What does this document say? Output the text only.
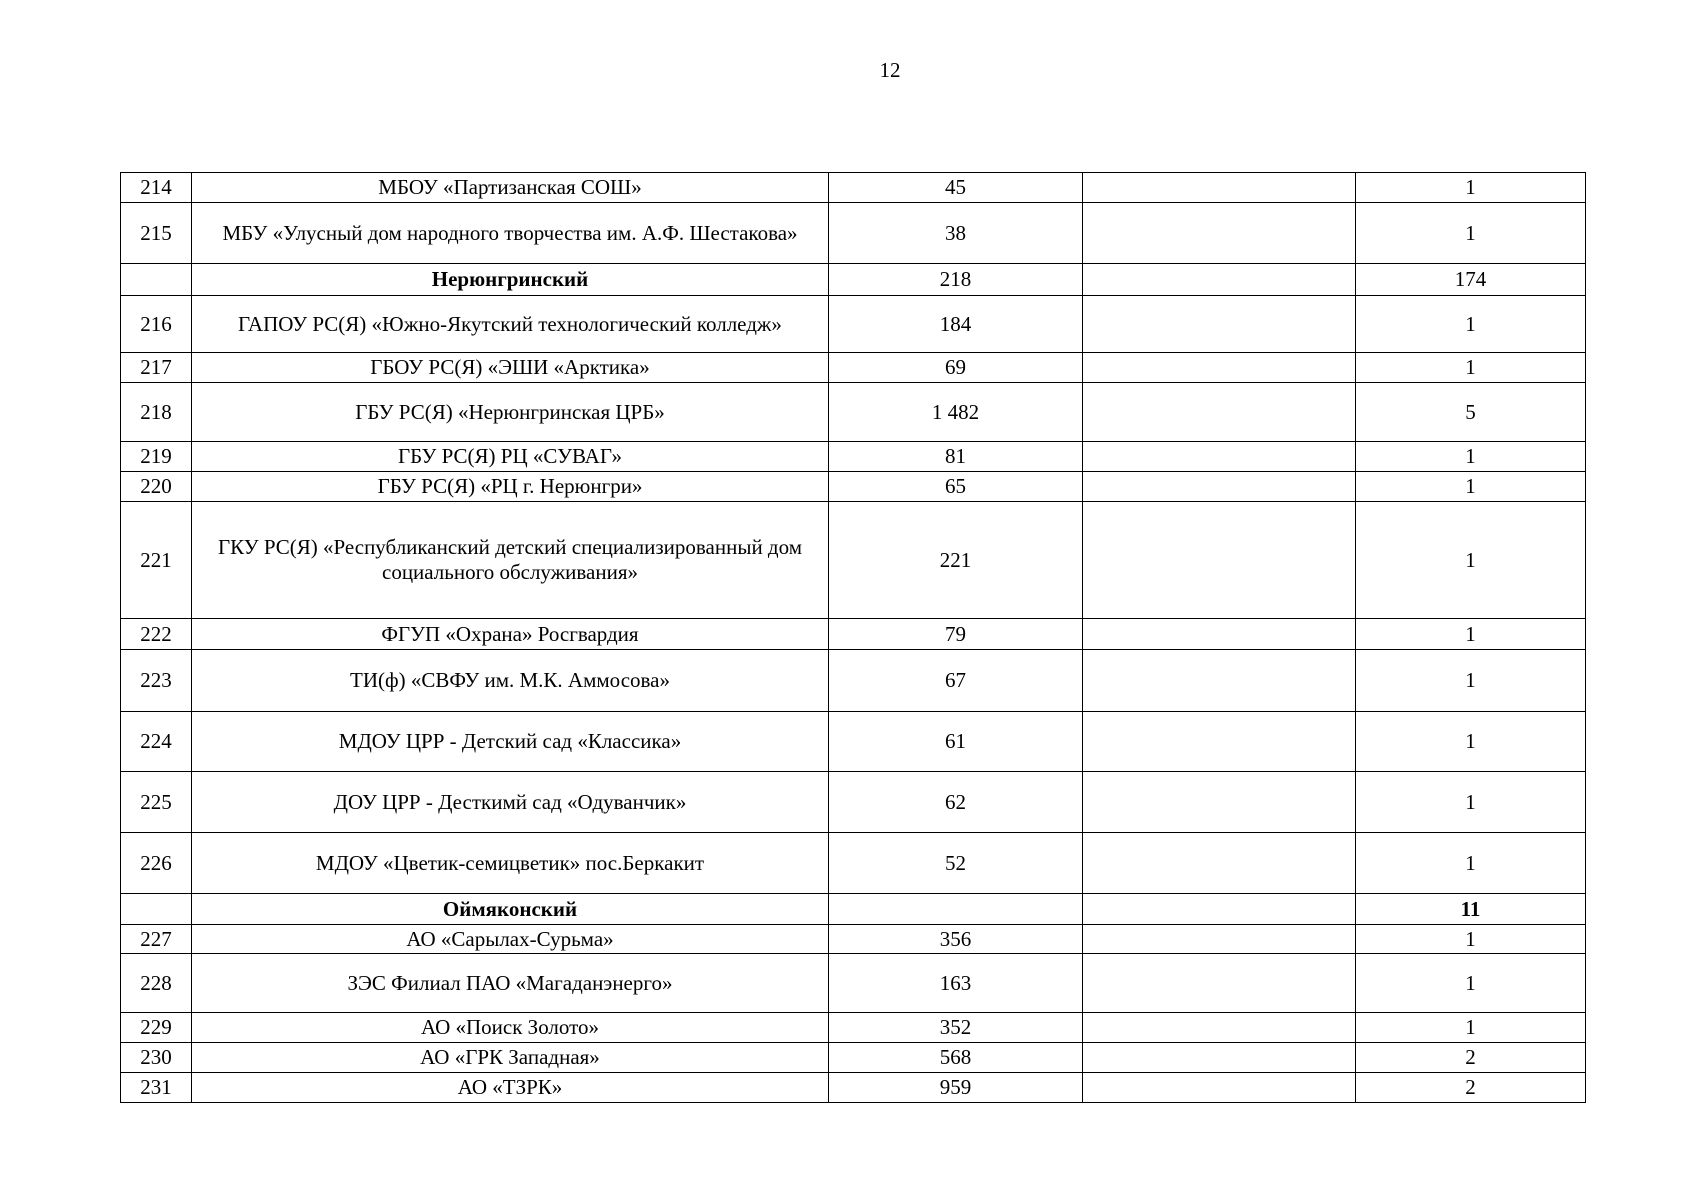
12
214	МБОУ «Партизанская СОШ»	45		1
215	МБУ «Улусный дом народного творчества им. А.Ф. Шестакова»	38		1
	Нерюнгринский	218		174
216	ГАПОУ РС(Я) «Южно-Якутский технологический колледж»	184		1
217	ГБОУ РС(Я) «ЭШИ «Арктика»	69		1
218	ГБУ РС(Я) «Нерюнгринская ЦРБ»	1 482		5
219	ГБУ РС(Я) РЦ «СУВАГ»	81		1
220	ГБУ РС(Я) «РЦ г. Нерюнгри»	65		1
221	ГКУ РС(Я) «Республиканский детский специализированный дом социального обслуживания»	221		1
222	ФГУП «Охрана» Росгвардия	79		1
223	ТИ(ф) «СВФУ им. М.К. Аммосова»	67		1
224	МДОУ ЦРР - Детский сад «Классика»	61		1
225	ДОУ ЦРР - Десткимй сад «Одуванчик»	62		1
226	МДОУ «Цветик-семицветик» пос.Беркакит	52		1
	Оймяконский			11
227	АО «Сарылах-Сурьма»	356		1
228	ЗЭС Филиал ПАО «Магаданэнерго»	163		1
229	АО «Поиск Золото»	352		1
230	АО «ГРК Западная»	568		2
231	АО «ТЗРК»	959		2
